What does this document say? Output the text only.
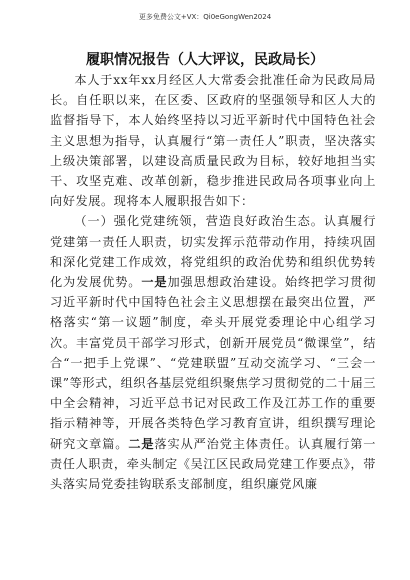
更多免费公文+VX：Qi0eGongWen2024
履职情况报告（人大评议，民政局长）

本人于xx年xx月经区人大常委会批准任命为民政局局长。自任职以来，在区委、区政府的坚强领导和区人大的监督指导下，本人始终坚持以习近平新时代中国特色社会主义思想为指导，认真履行“第一责任人”职责，坚决落实上级决策部署，以建设高质量民政为目标，较好地担当实干、攻坚克难、改革创新，稳步推进民政局各项事业向上向好发展。现将本人履职报告如下：

（一）强化党建统领，营造良好政治生态。认真履行党建第一责任人职责，切实发挥示范带动作用，持续巩固和深化党建工作成效，将党组织的政治优势和组织优势转化为发展优势。一是加强思想政治建设。始终把学习贯彻习近平新时代中国特色社会主义思想摆在最突出位置，严格落实“第一议题”制度，牵头开展党委理论中心组学习次。丰富党员干部学习形式，创新开展党员“微课堂”，结合“一把手上党课”、“党建联盟”互动交流学习、“三会一课”等形式，组织各基层党组织聚焦学习贯彻党的二十届三中全会精神，习近平总书记对民政工作及江苏工作的重要指示精神等，开展各类特色学习教育宣讲，组织撰写理论研究文章篇。二是落实从严治党主体责任。认真履行第一责任人职责，牵头制定《吴江区民政局党建工作要点》，带头落实局党委挂钩联系支部制度，组织廉党风廉
